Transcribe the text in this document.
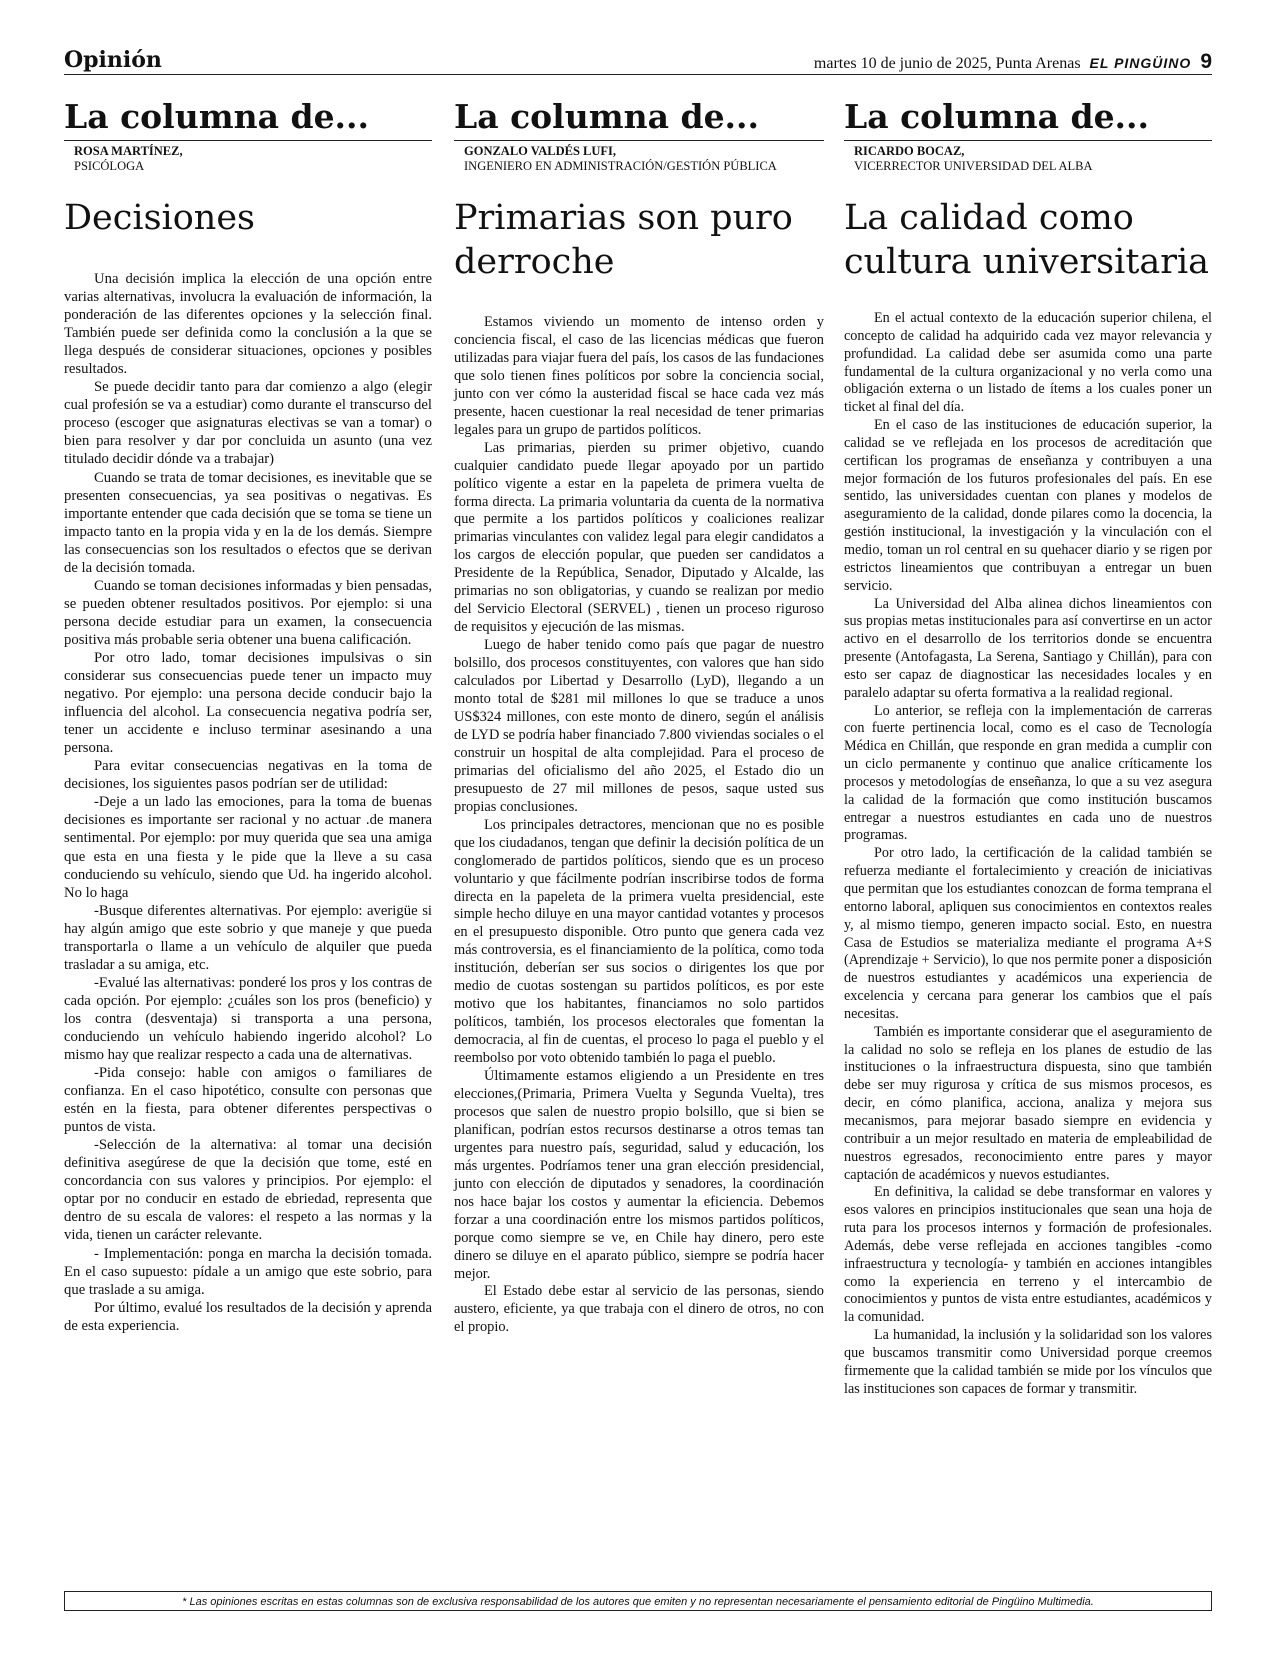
Opinión	martes 10 de junio de 2025, Punta Arenas EL PINGÜINO 9
La columna de...
ROSA MARTÍNEZ,
PSICÓLOGA
Decisiones

Una decisión implica la elección de una opción entre varias alternativas, involucra la evaluación de información, la ponderación de las diferentes opciones y la selección final. También puede ser definida como la conclusión a la que se llega después de considerar situaciones, opciones y posibles resultados.

Se puede decidir tanto para dar comienzo a algo (elegir cual profesión se va a estudiar) como durante el transcurso del proceso (escoger que asignaturas electivas se van a tomar) o bien para resolver y dar por concluida un asunto (una vez titulado decidir dónde va a trabajar)

Cuando se trata de tomar decisiones, es inevitable que se presenten consecuencias, ya sea positivas o negativas. Es importante entender que cada decisión que se toma se tiene un impacto tanto en la propia vida y en la de los demás. Siempre las consecuencias son los resultados o efectos que se derivan de la decisión tomada.

Cuando se toman decisiones informadas y bien pensadas, se pueden obtener resultados positivos. Por ejemplo: si una persona decide estudiar para un examen, la consecuencia positiva más probable seria obtener una buena calificación.

Por otro lado, tomar decisiones impulsivas o sin considerar sus consecuencias puede tener un impacto muy negativo. Por ejemplo: una persona decide conducir bajo la influencia del alcohol. La consecuencia negativa podría ser, tener un accidente e incluso terminar asesinando a una persona.

Para evitar consecuencias negativas en la toma de decisiones, los siguientes pasos podrían ser de utilidad:

-Deje a un lado las emociones, para la toma de buenas decisiones es importante ser racional y no actuar .de manera sentimental. Por ejemplo: por muy querida que sea una amiga que esta en una fiesta y le pide que la lleve a su casa conduciendo su vehículo, siendo que Ud. ha ingerido alcohol. No lo haga

-Busque diferentes alternativas. Por ejemplo: averigüe si hay algún amigo que este sobrio y que maneje y que pueda transportarla o llame a un vehículo de alquiler que pueda trasladar a su amiga, etc.

-Evalué las alternativas: ponderé los pros y los contras de cada opción. Por ejemplo: ¿cuáles son los pros (beneficio) y los contra (desventaja) si transporta a una persona, conduciendo un vehículo habiendo ingerido alcohol? Lo mismo hay que realizar respecto a cada una de alternativas.

-Pida consejo: hable con amigos o familiares de confianza. En el caso hipotético, consulte con personas que estén en la fiesta, para obtener diferentes perspectivas o puntos de vista.

-Selección de la alternativa: al tomar una decisión definitiva asegúrese de que la decisión que tome, esté en concordancia con sus valores y principios. Por ejemplo: el optar por no conducir en estado de ebriedad, representa que dentro de su escala de valores: el respeto a las normas y la vida, tienen un carácter relevante.

- Implementación: ponga en marcha la decisión tomada. En el caso supuesto: pídale a un amigo que este sobrio, para que traslade a su amiga.

Por último, evalué los resultados de la decisión y aprenda de esta experiencia.

La columna de...
GONZALO VALDÉS LUFI,
INGENIERO EN ADMINISTRACIÓN/GESTIÓN PÚBLICA
Primarias son puro derroche

Estamos viviendo un momento de intenso orden y conciencia fiscal, el caso de las licencias médicas que fueron utilizadas para viajar fuera del país, los casos de las fundaciones que solo tienen fines políticos por sobre la conciencia social, junto con ver cómo la austeridad fiscal se hace cada vez más presente, hacen cuestionar la real necesidad de tener primarias legales para un grupo de partidos políticos.

Las primarias, pierden su primer objetivo, cuando cualquier candidato puede llegar apoyado por un partido político vigente a estar en la papeleta de primera vuelta de forma directa. La primaria voluntaria da cuenta de la normativa que permite a los partidos políticos y coaliciones realizar primarias vinculantes con validez legal para elegir candidatos a los cargos de elección popular, que pueden ser candidatos a Presidente de la República, Senador, Diputado y Alcalde, las primarias no son obligatorias, y cuando se realizan por medio del Servicio Electoral (SERVEL) , tienen un proceso riguroso de requisitos y ejecución de las mismas.

Luego de haber tenido como país que pagar de nuestro bolsillo, dos procesos constituyentes, con valores que han sido calculados por Libertad y Desarrollo (LyD), llegando a un monto total de $281 mil millones lo que se traduce a unos US$324 millones, con este monto de dinero, según el análisis de LYD se podría haber financiado 7.800 viviendas sociales o el construir un hospital de alta complejidad. Para el proceso de primarias del oficialismo del año 2025, el Estado dio un presupuesto de 27 mil millones de pesos, saque usted sus propias conclusiones.

Los principales detractores, mencionan que no es posible que los ciudadanos, tengan que definir la decisión política de un conglomerado de partidos políticos, siendo que es un proceso voluntario y que fácilmente podrían inscribirse todos de forma directa en la papeleta de la primera vuelta presidencial, este simple hecho diluye en una mayor cantidad votantes y procesos en el presupuesto disponible. Otro punto que genera cada vez más controversia, es el financiamiento de la política, como toda institución, deberían ser sus socios o dirigentes los que por medio de cuotas sostengan su partidos políticos, es por este motivo que los habitantes, financiamos no solo partidos políticos, también, los procesos electorales que fomentan la democracia, al fin de cuentas, el proceso lo paga el pueblo y el reembolso por voto obtenido también lo paga el pueblo.

Últimamente estamos eligiendo a un Presidente en tres elecciones,(Primaria, Primera Vuelta y Segunda Vuelta), tres procesos que salen de nuestro propio bolsillo, que si bien se planifican, podrían estos recursos destinarse a otros temas tan urgentes para nuestro país, seguridad, salud y educación, los más urgentes. Podríamos tener una gran elección presidencial, junto con elección de diputados y senadores, la coordinación nos hace bajar los costos y aumentar la eficiencia. Debemos forzar a una coordinación entre los mismos partidos políticos, porque como siempre se ve, en Chile hay dinero, pero este dinero se diluye en el aparato público, siempre se podría hacer mejor.

El Estado debe estar al servicio de las personas, siendo austero, eficiente, ya que trabaja con el dinero de otros, no con el propio.

La columna de...
RICARDO BOCAZ,
VICERRECTOR UNIVERSIDAD DEL ALBA
La calidad como cultura universitaria

En el actual contexto de la educación superior chilena, el concepto de calidad ha adquirido cada vez mayor relevancia y profundidad. La calidad debe ser asumida como una parte fundamental de la cultura organizacional y no verla como una obligación externa o un listado de ítems a los cuales poner un ticket al final del día.

En el caso de las instituciones de educación superior, la calidad se ve reflejada en los procesos de acreditación que certifican los programas de enseñanza y contribuyen a una mejor formación de los futuros profesionales del país. En ese sentido, las universidades cuentan con planes y modelos de aseguramiento de la calidad, donde pilares como la docencia, la gestión institucional, la investigación y la vinculación con el medio, toman un rol central en su quehacer diario y se rigen por estrictos lineamientos que contribuyan a entregar un buen servicio.

La Universidad del Alba alinea dichos lineamientos con sus propias metas institucionales para así convertirse en un actor activo en el desarrollo de los territorios donde se encuentra presente (Antofagasta, La Serena, Santiago y Chillán), para con esto ser capaz de diagnosticar las necesidades locales y en paralelo adaptar su oferta formativa a la realidad regional.

Lo anterior, se refleja con la implementación de carreras con fuerte pertinencia local, como es el caso de Tecnología Médica en Chillán, que responde en gran medida a cumplir con un ciclo permanente y continuo que analice críticamente los procesos y metodologías de enseñanza, lo que a su vez asegura la calidad de la formación que como institución buscamos entregar a nuestros estudiantes en cada uno de nuestros programas.

Por otro lado, la certificación de la calidad también se refuerza mediante el fortalecimiento y creación de iniciativas que permitan que los estudiantes conozcan de forma temprana el entorno laboral, apliquen sus conocimientos en contextos reales y, al mismo tiempo, generen impacto social. Esto, en nuestra Casa de Estudios se materializa mediante el programa A+S (Aprendizaje + Servicio), lo que nos permite poner a disposición de nuestros estudiantes y académicos una experiencia de excelencia y cercana para generar los cambios que el país necesitas.

También es importante considerar que el aseguramiento de la calidad no solo se refleja en los planes de estudio de las instituciones o la infraestructura dispuesta, sino que también debe ser muy rigurosa y crítica de sus mismos procesos, es decir, en cómo planifica, acciona, analiza y mejora sus mecanismos, para mejorar basado siempre en evidencia y contribuir a un mejor resultado en materia de empleabilidad de nuestros egresados, reconocimiento entre pares y mayor captación de académicos y nuevos estudiantes.

En definitiva, la calidad se debe transformar en valores y esos valores en principios institucionales que sean una hoja de ruta para los procesos internos y formación de profesionales. Además, debe verse reflejada en acciones tangibles -como infraestructura y tecnología- y también en acciones intangibles como la experiencia en terreno y el intercambio de conocimientos y puntos de vista entre estudiantes, académicos y la comunidad.

La humanidad, la inclusión y la solidaridad son los valores que buscamos transmitir como Universidad porque creemos firmemente que la calidad también se mide por los vínculos que las instituciones son capaces de formar y transmitir.

* Las opiniones escritas en estas columnas son de exclusiva responsabilidad de los autores que emiten y no representan necesariamente el pensamiento editorial de Pingüino Multimedia.
